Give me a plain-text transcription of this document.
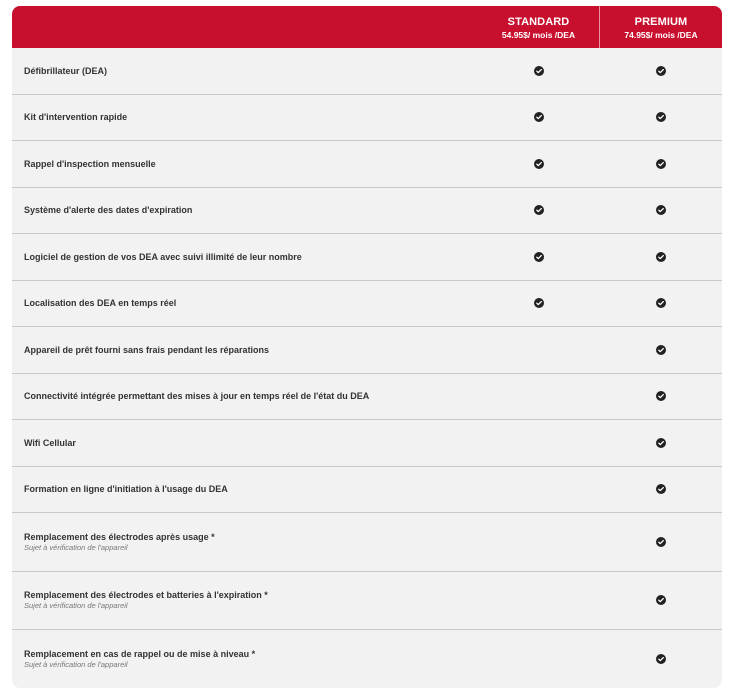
STANDARD
54.95$/ mois /DEA
PREMIUM
74.95$/ mois /DEA
Défibrillateur (DEA)
Kit d'intervention rapide
Rappel d'inspection mensuelle
Système d'alerte des dates d'expiration
Logiciel de gestion de vos DEA avec suivi illimité de leur nombre
Localisation des DEA en temps réel
Appareil de prêt fourni sans frais pendant les réparations
Connectivité intégrée permettant des mises à jour en temps réel de l'état du DEA
Wifi Cellular
Formation en ligne d'initiation à l'usage du DEA
Remplacement des électrodes après usage *
Sujet à vérification de l'appareil
Remplacement des électrodes et batteries à l'expiration *
Sujet à vérification de l'appareil
Remplacement en cas de rappel ou de mise à niveau *
Sujet à vérification de l'appareil
